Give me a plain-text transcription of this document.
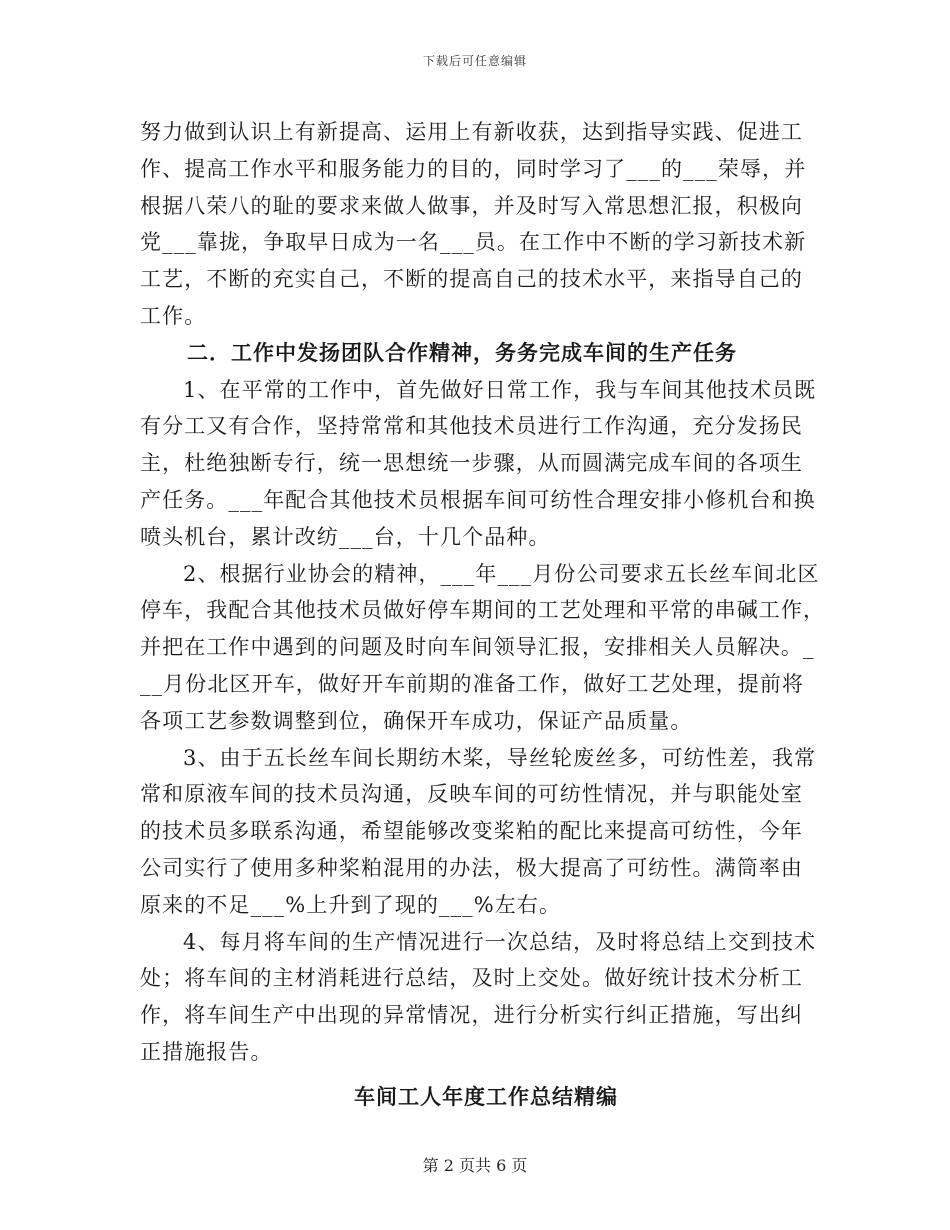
下载后可任意编辑
努力做到认识上有新提高、运用上有新收获，达到指导实践、促进工
作、提高工作水平和服务能力的目的，同时学习了___的___荣辱，并
根据八荣八的耻的要求来做人做事，并及时写入常思想汇报，积极向
党___靠拢，争取早日成为一名___员。在工作中不断的学习新技术新
工艺，不断的充实自己，不断的提高自己的技术水平，来指导自己的
工作。
二．工作中发扬团队合作精神，务务完成车间的生产任务
1、在平常的工作中，首先做好日常工作，我与车间其他技术员既
有分工又有合作，坚持常常和其他技术员进行工作沟通，充分发扬民
主，杜绝独断专行，统一思想统一步骤，从而圆满完成车间的各项生
产任务。___年配合其他技术员根据车间可纺性合理安排小修机台和换
喷头机台，累计改纺___台，十几个品种。
2、根据行业协会的精神，___年___月份公司要求五长丝车间北区
停车，我配合其他技术员做好停车期间的工艺处理和平常的串碱工作，
并把在工作中遇到的问题及时向车间领导汇报，安排相关人员解决。_
__月份北区开车，做好开车前期的准备工作，做好工艺处理，提前将
各项工艺参数调整到位，确保开车成功，保证产品质量。
3、由于五长丝车间长期纺木桨，导丝轮废丝多，可纺性差，我常
常和原液车间的技术员沟通，反映车间的可纺性情况，并与职能处室
的技术员多联系沟通，希望能够改变桨粕的配比来提高可纺性，今年
公司实行了使用多种桨粕混用的办法，极大提高了可纺性。满筒率由
原来的不足___%上升到了现的___%左右。
4、每月将车间的生产情况进行一次总结，及时将总结上交到技术
处；将车间的主材消耗进行总结，及时上交处。做好统计技术分析工
作，将车间生产中出现的异常情况，进行分析实行纠正措施，写出纠
正措施报告。
车间工人年度工作总结精编
第 2 页共 6 页
